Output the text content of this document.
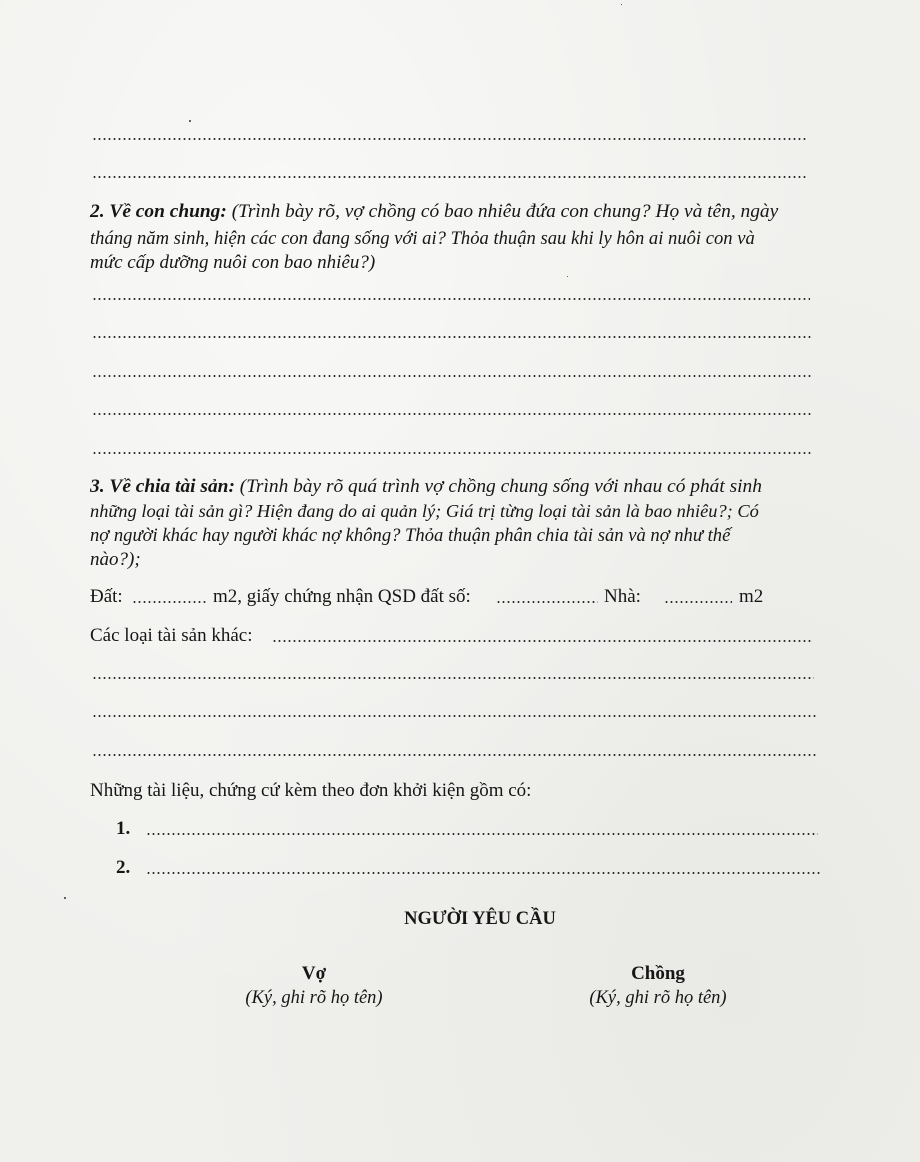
2. Về con chung: (Trình bày rõ, vợ chồng có bao nhiêu đứa con chung? Họ và tên, ngày
tháng năm sinh, hiện các con đang sống với ai? Thỏa thuận sau khi ly hôn ai nuôi con và
mức cấp dưỡng nuôi con bao nhiêu?)
3. Về chia tài sản: (Trình bày rõ quá trình vợ chồng chung sống với nhau có phát sinh
những loại tài sản gì? Hiện đang do ai quản lý; Giá trị từng loại tài sản là bao nhiêu?; Có
nợ người khác hay người khác nợ không? Thỏa thuận phân chia tài sản và nợ như thế
nào?);
Đất:	m2, giấy chứng nhận QSD đất số:	Nhà:	m2
Các loại tài sản khác:
Những tài liệu, chứng cứ kèm theo đơn khởi kiện gồm có:
1.
2.
NGƯỜI YÊU CẦU
Vợ
(Ký, ghi rõ họ tên)
Chồng
(Ký, ghi rõ họ tên)
